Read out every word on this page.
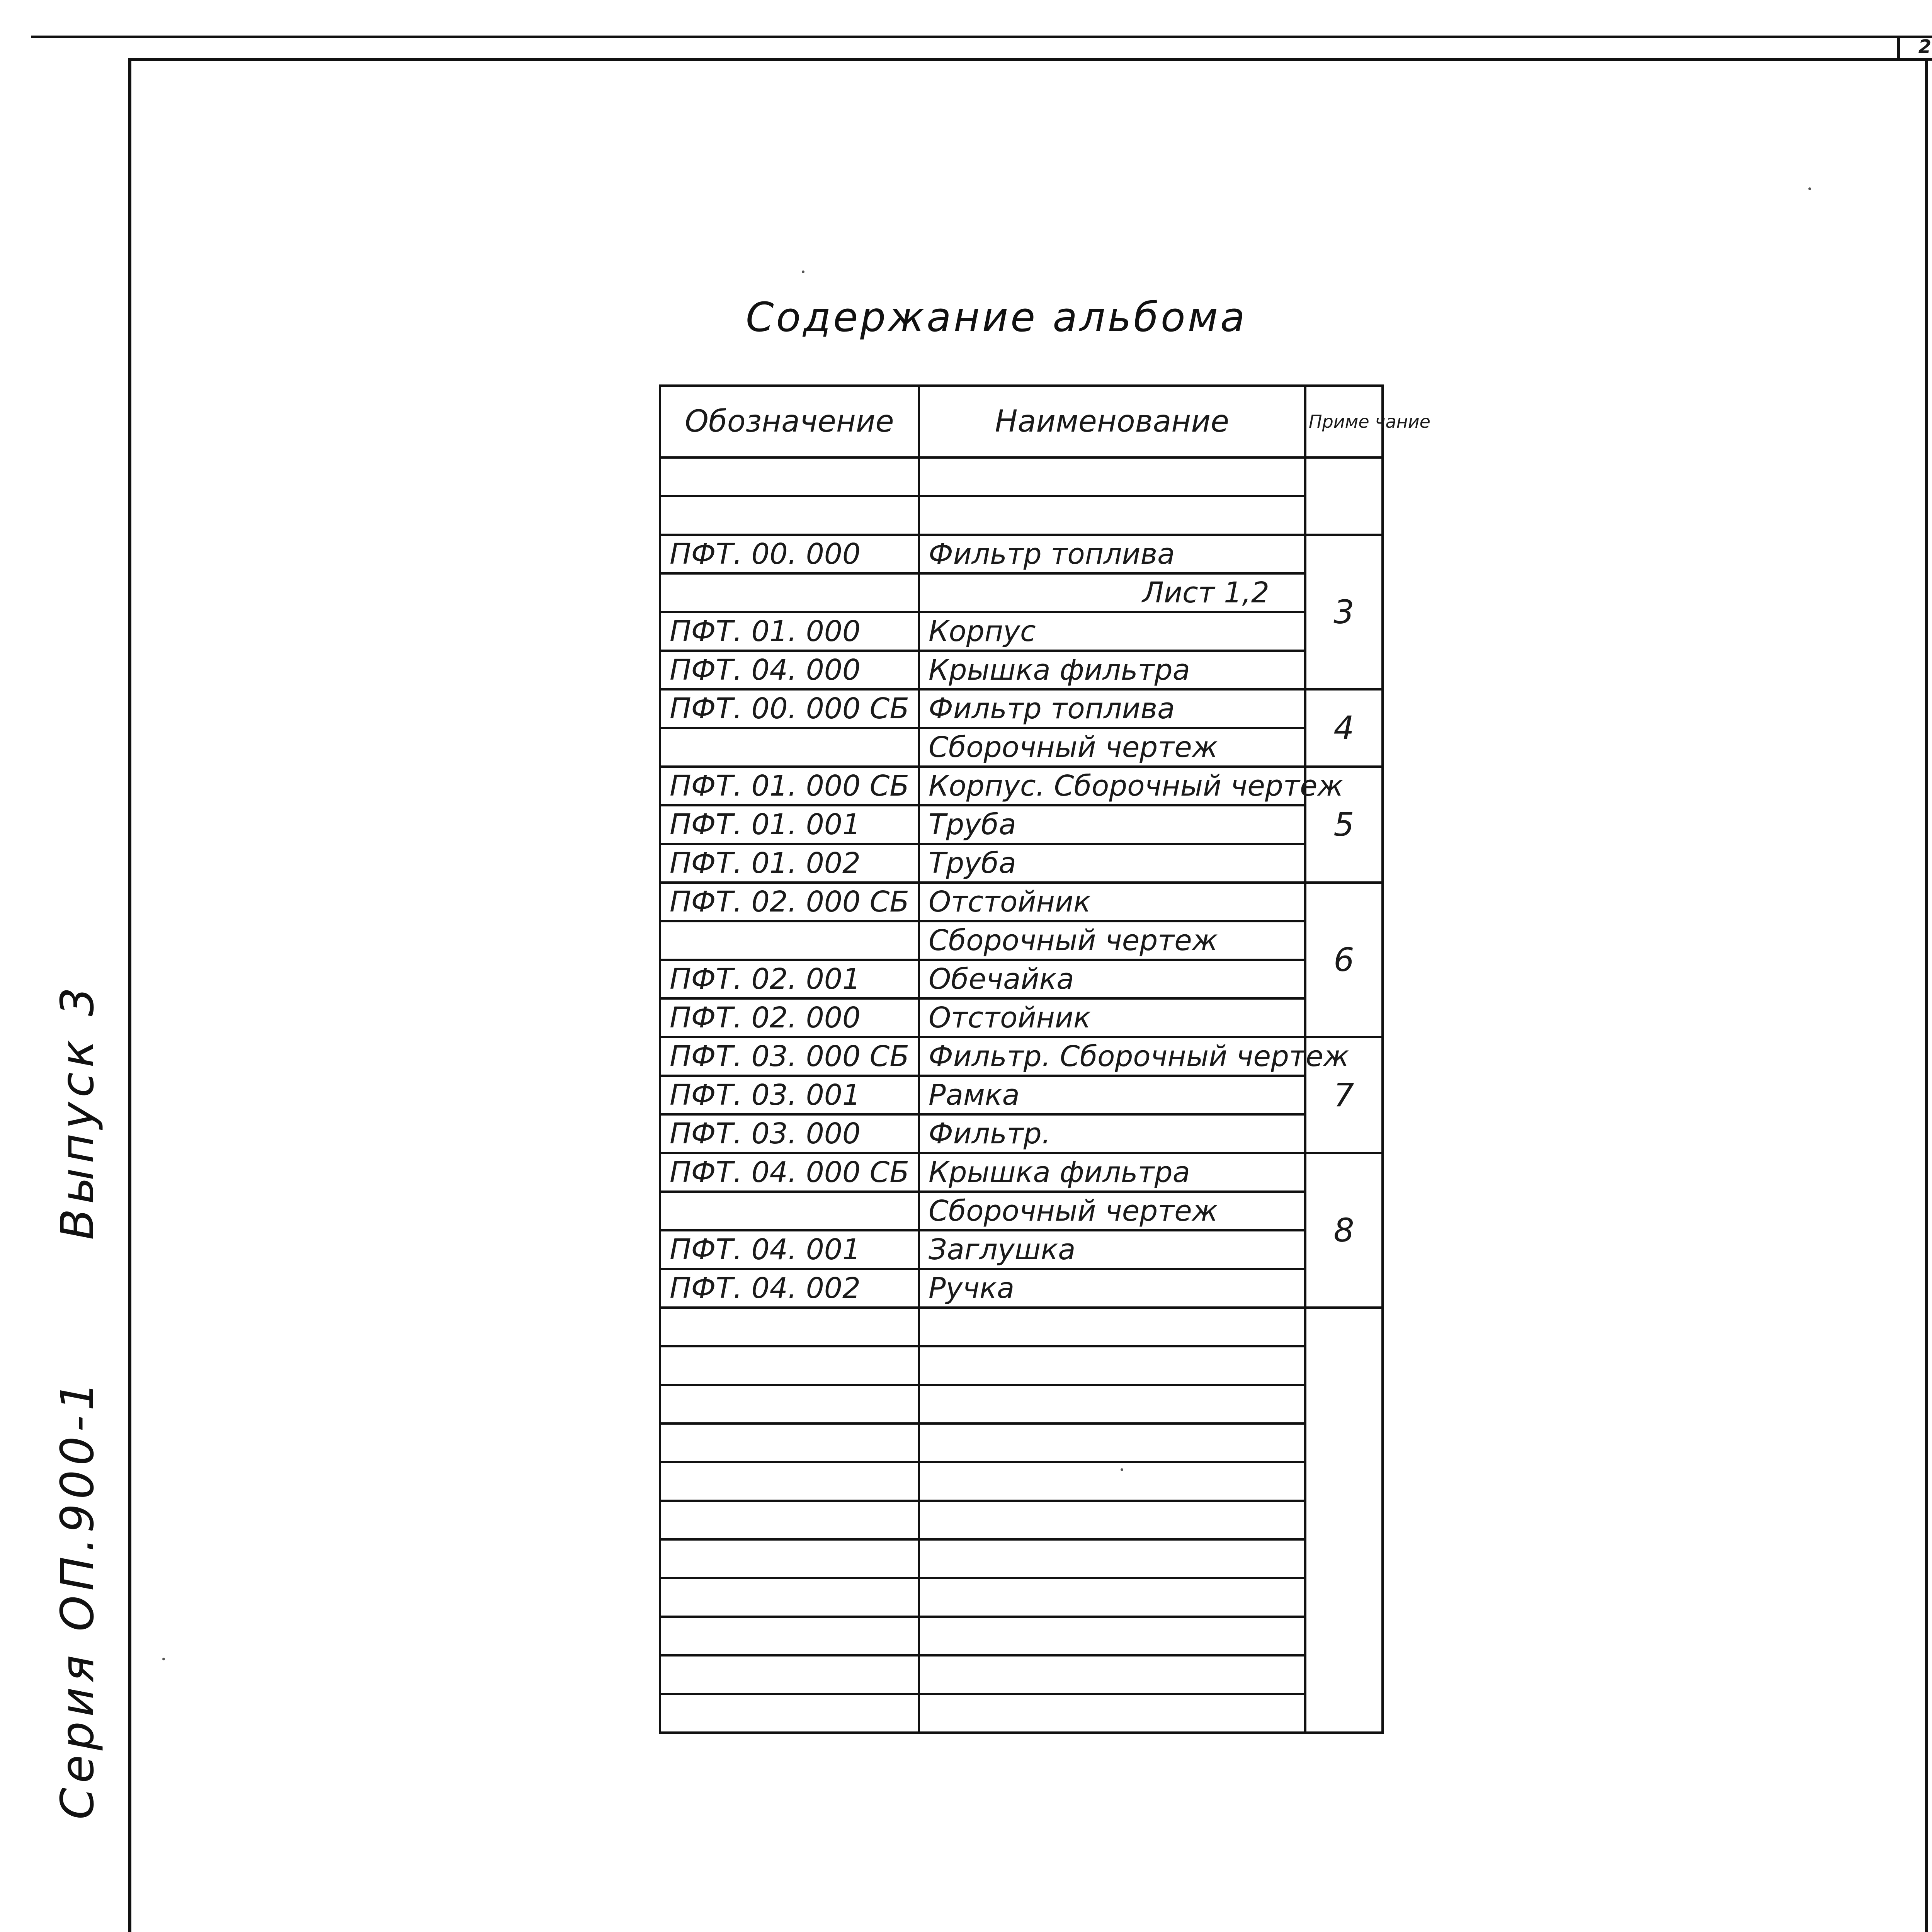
2
Выпуск 3
Серия ОП.900-1
Содержание альбома
Обозначение	Наименование	Приме чание

ПФТ. 00. 000	Фильтр топлива	3
	Лист 1,2	
ПФТ. 01. 000	Корпус	
ПФТ. 04. 000	Крышка фильтра	
ПФТ. 00. 000 СБ	Фильтр топлива	4
	Сборочный чертеж	
ПФТ. 01. 000 СБ	Корпус. Сборочный чертеж	5
ПФТ. 01. 001	Труба	
ПФТ. 01. 002	Труба	
ПФТ. 02. 000 СБ	Отстойник	6
	Сборочный чертеж	
ПФТ. 02. 001	Обечайка	
ПФТ. 02. 000	Отстойник	
ПФТ. 03. 000 СБ	Фильтр. Сборочный чертеж	7
ПФТ. 03. 001	Рамка	
ПФТ. 03. 000	Фильтр.	
ПФТ. 04. 000 СБ	Крышка фильтра	8
	Сборочный чертеж	
ПФТ. 04. 001	Заглушка	
ПФТ. 04. 002	Ручка	
